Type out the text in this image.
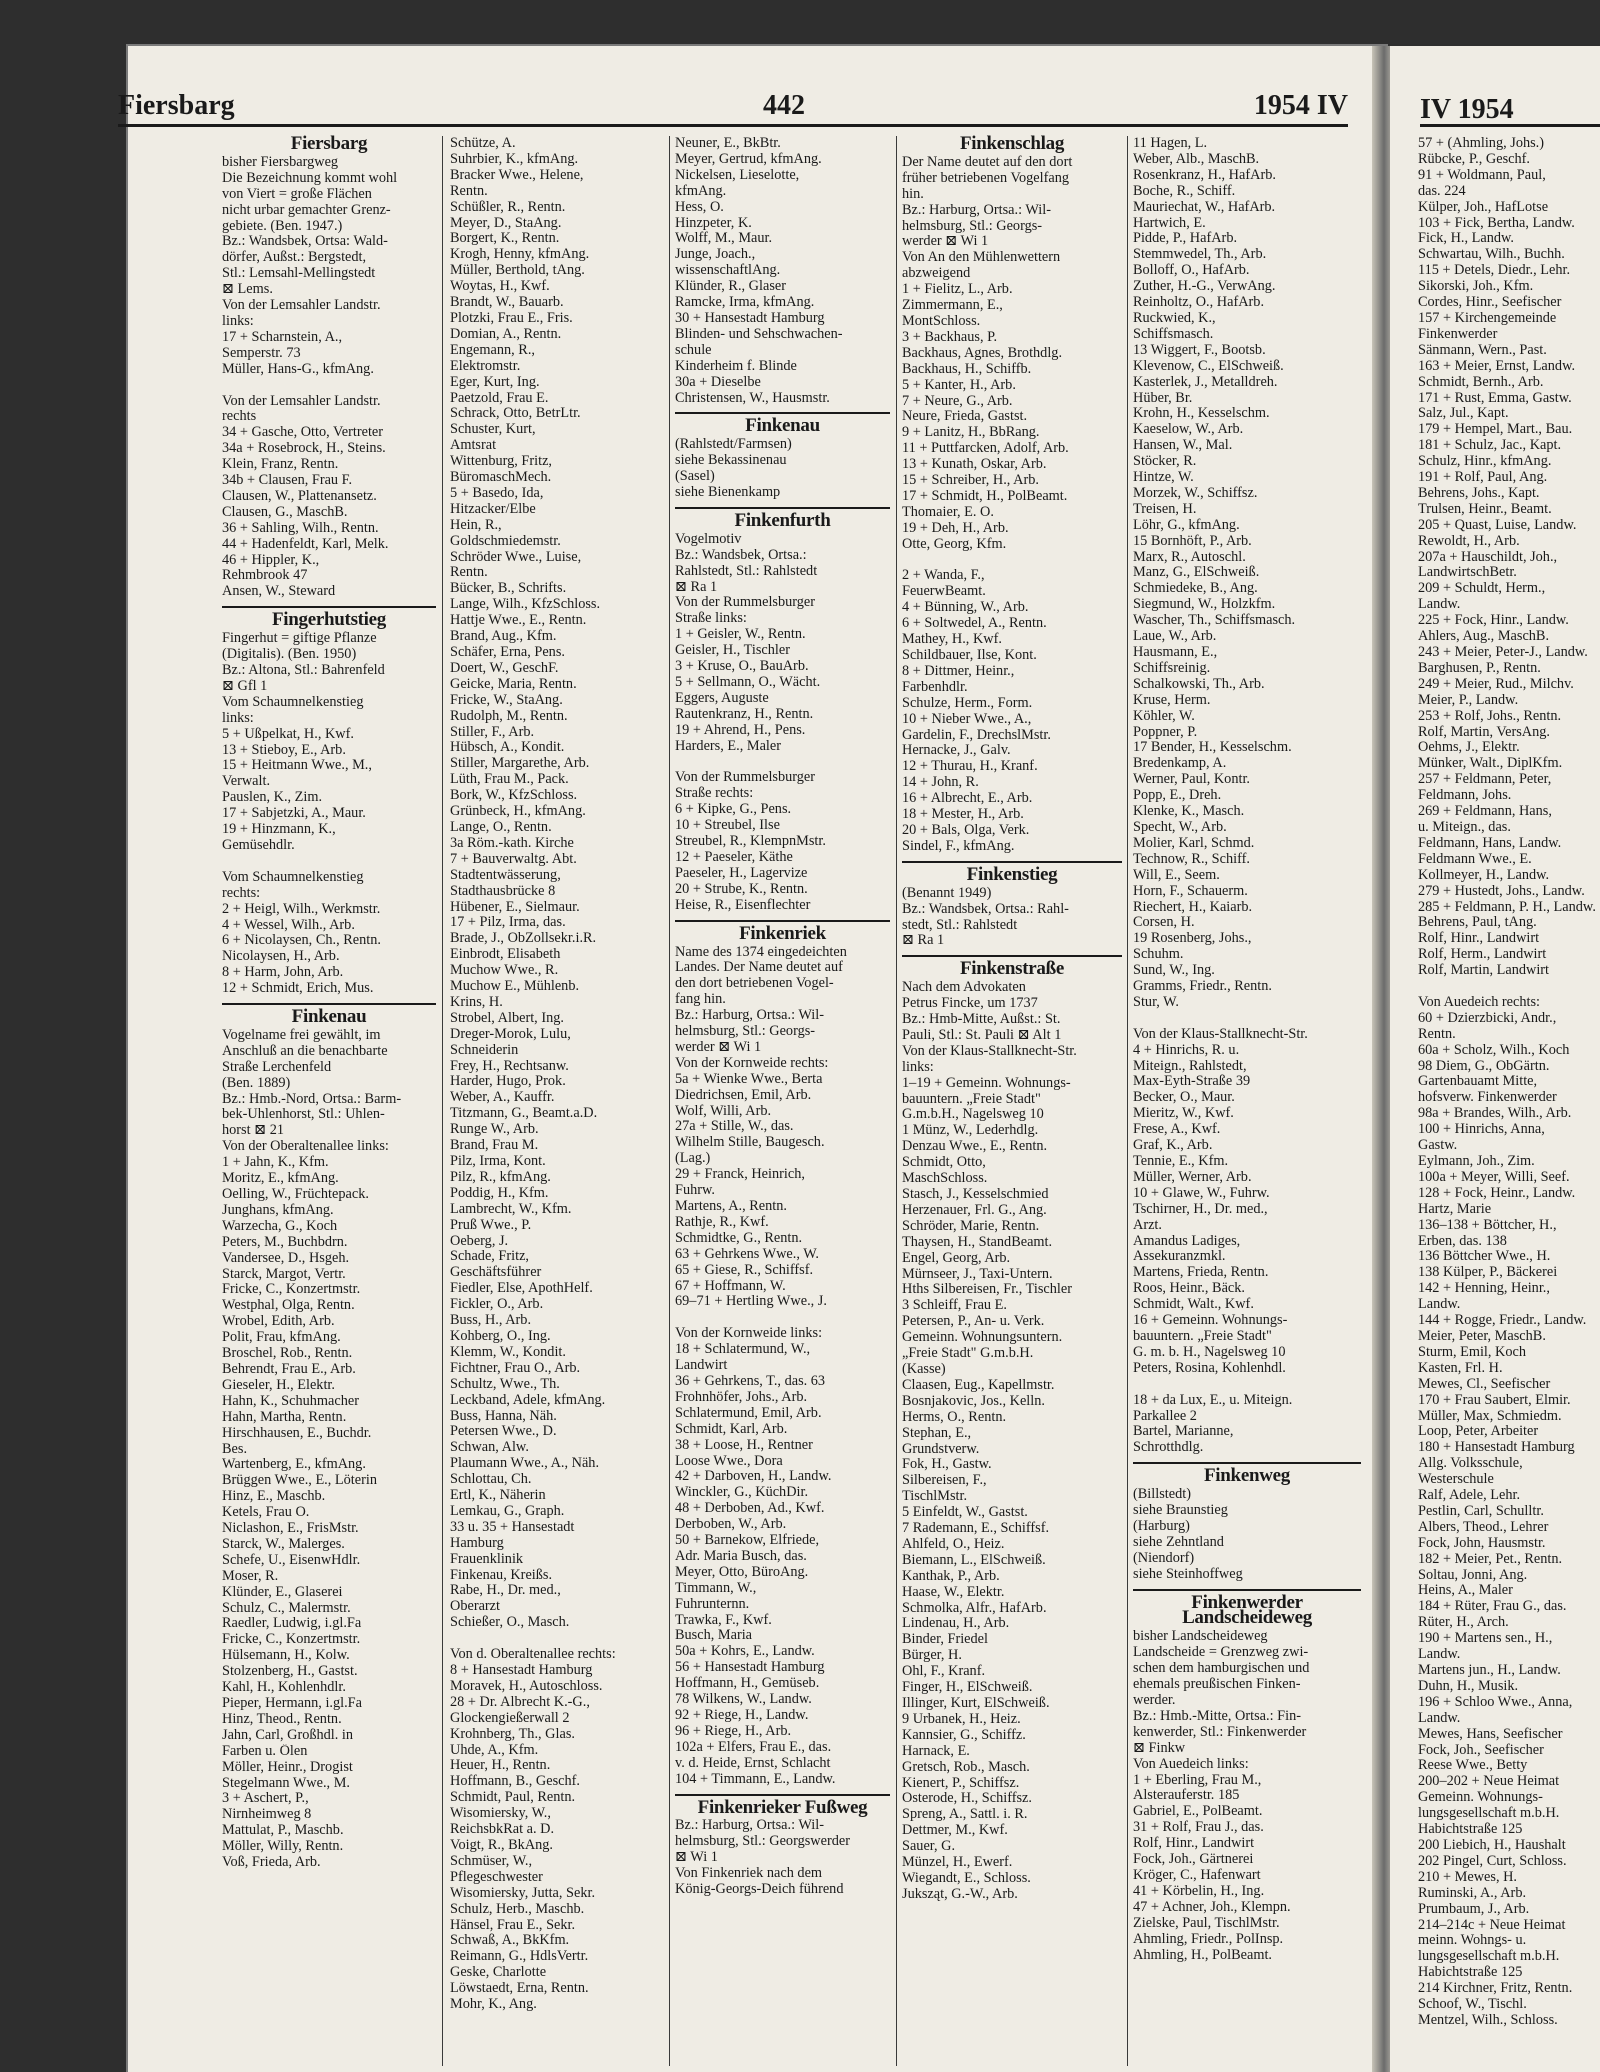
Fiersbarg	442	1954 IV	IV 1954
Fiersbarg
bisher Fiersbargweg
Die Bezeichnung kommt wohl
von Viert = große Flächen
nicht urbar gemachter Grenz-
gebiete. (Ben. 1947.)
Bz.: Wandsbek, Ortsa: Wald-
dörfer, Außst.: Bergstedt,
Stl.: Lemsahl-Mellingstedt
⊠ Lems.
Von der Lemsahler Landstr.
links:
17 + Scharnstein, A.,
Semperstr. 73
Müller, Hans-G., kfmAng.

Von der Lemsahler Landstr.
rechts
34 + Gasche, Otto, Vertreter
34a + Rosebrock, H., Steins.
Klein, Franz, Rentn.
34b + Clausen, Frau F.
Clausen, W., Plattenansetz.
Clausen, G., MaschB.
36 + Sahling, Wilh., Rentn.
44 + Hadenfeldt, Karl, Melk.
46 + Hippler, K.,
Rehmbrook 47
Ansen, W., Steward
Fingerhutstieg
Fingerhut = giftige Pflanze
(Digitalis). (Ben. 1950)
Bz.: Altona, Stl.: Bahrenfeld
⊠ Gfl 1
Vom Schaumnelkenstieg
links:
5 + Ußpelkat, H., Kwf.
13 + Stieboy, E., Arb.
15 + Heitmann Wwe., M.,
Verwalt.
Pauslen, K., Zim.
17 + Sabjetzki, A., Maur.
19 + Hinzmann, K.,
Gemüsehdlr.

Vom Schaumnelkenstieg
rechts:
2 + Heigl, Wilh., Werkmstr.
4 + Wessel, Wilh., Arb.
6 + Nicolaysen, Ch., Rentn.
Nicolaysen, H., Arb.
8 + Harm, John, Arb.
12 + Schmidt, Erich, Mus.
Finkenau
Vogelname frei gewählt, im
Anschluß an die benachbarte
Straße Lerchenfeld
(Ben. 1889)
Bz.: Hmb.-Nord, Ortsa.: Barm-
bek-Uhlenhorst, Stl.: Uhlen-
horst ⊠ 21
Von der Oberaltenallee links:
1 + Jahn, K., Kfm.
Moritz, E., kfmAng.
Oelling, W., Früchtepack.
Junghans, kfmAng.
Warzecha, G., Koch
Peters, M., Buchbdrn.
Vandersee, D., Hsgeh.
Starck, Margot, Vertr.
Fricke, C., Konzertmstr.
Westphal, Olga, Rentn.
Wrobel, Edith, Arb.
Polit, Frau, kfmAng.
Broschel, Rob., Rentn.
Behrendt, Frau E., Arb.
Gieseler, H., Elektr.
Hahn, K., Schuhmacher
Hahn, Martha, Rentn.
Hirschhausen, E., Buchdr.
Bes.
Wartenberg, E., kfmAng.
Brüggen Wwe., E., Löterin
Hinz, E., Maschb.
Ketels, Frau O.
Niclashon, E., FrisMstr.
Starck, W., Malerges.
Schefe, U., EisenwHdlr.
Moser, R.
Klünder, E., Glaserei
Schulz, C., Malermstr.
Raedler, Ludwig, i.gl.Fa
Fricke, C., Konzertmstr.
Hülsemann, H., Kolw.
Stolzenberg, H., Gastst.
Kahl, H., Kohlenhdlr.
Pieper, Hermann, i.gl.Fa
Hinz, Theod., Rentn.
Jahn, Carl, Großhdl. in
Farben u. Ölen
Möller, Heinr., Drogist
Stegelmann Wwe., M.
3 + Aschert, P.,
Nirnheimweg 8
Mattulat, P., Maschb.
Möller, Willy, Rentn.
Voß, Frieda, Arb.
Schütze, A.
Suhrbier, K., kfmAng.
Bracker Wwe., Helene,
Rentn.
Schüßler, R., Rentn.
Meyer, D., StaAng.
Borgert, K., Rentn.
Krogh, Henny, kfmAng.
Müller, Berthold, tAng.
Woytas, H., Kwf.
Brandt, W., Bauarb.
Plotzki, Frau E., Fris.
Domian, A., Rentn.
Engemann, R.,
Elektromstr.
Eger, Kurt, Ing.
Paetzold, Frau E.
Schrack, Otto, BetrLtr.
Schuster, Kurt,
Amtsrat
Wittenburg, Fritz,
BüromaschMech.
5 + Basedo, Ida,
Hitzacker/Elbe
Hein, R.,
Goldschmiedemstr.
Schröder Wwe., Luise,
Rentn.
Bücker, B., Schrifts.
Lange, Wilh., KfzSchloss.
Hattje Wwe., E., Rentn.
Brand, Aug., Kfm.
Schäfer, Erna, Pens.
Doert, W., GeschF.
Geicke, Maria, Rentn.
Fricke, W., StaAng.
Rudolph, M., Rentn.
Stiller, F., Arb.
Hübsch, A., Kondit.
Stiller, Margarethe, Arb.
Lüth, Frau M., Pack.
Bork, W., KfzSchloss.
Grünbeck, H., kfmAng.
Lange, O., Rentn.
3a Röm.-kath. Kirche
7 + Bauverwaltg. Abt.
Stadtentwässerung,
Stadthausbrücke 8
Hübener, E., Sielmaur.
17 + Pilz, Irma, das.
Brade, J., ObZollsekr.i.R.
Einbrodt, Elisabeth
Muchow Wwe., R.
Muchow E., Mühlenb.
Krins, H.
Strobel, Albert, Ing.
Dreger-Morok, Lulu,
Schneiderin
Frey, H., Rechtsanw.
Harder, Hugo, Prok.
Weber, A., Kauffr.
Titzmann, G., Beamt.a.D.
Runge W., Arb.
Brand, Frau M.
Pilz, Irma, Kont.
Pilz, R., kfmAng.
Poddig, H., Kfm.
Lambrecht, W., Kfm.
Pruß Wwe., P.
Oeberg, J.
Schade, Fritz,
Geschäftsführer
Fiedler, Else, ApothHelf.
Fickler, O., Arb.
Buss, H., Arb.
Kohberg, O., Ing.
Klemm, W., Kondit.
Fichtner, Frau O., Arb.
Schultz, Wwe., Th.
Leckband, Adele, kfmAng.
Buss, Hanna, Näh.
Petersen Wwe., D.
Schwan, Alw.
Plaumann Wwe., A., Näh.
Schlottau, Ch.
Ertl, K., Näherin
Lemkau, G., Graph.
33 u. 35 + Hansestadt
Hamburg
Frauenklinik
Finkenau, Kreißs.
Rabe, H., Dr. med.,
Oberarzt
Schießer, O., Masch.

Von d. Oberaltenallee rechts:
8 + Hansestadt Hamburg
Moravek, H., Autoschloss.
28 + Dr. Albrecht K.-G.,
Glockengießerwall 2
Krohnberg, Th., Glas.
Uhde, A., Kfm.
Heuer, H., Rentn.
Hoffmann, B., Geschf.
Schmidt, Paul, Rentn.
Wisomiersky, W.,
ReichsbkRat a. D.
Voigt, R., BkAng.
Schmüser, W.,
Pflegeschwester
Wisomiersky, Jutta, Sekr.
Schulz, Herb., Maschb.
Hänsel, Frau E., Sekr.
Schwaß, A., BkKfm.
Reimann, G., HdlsVertr.
Geske, Charlotte
Löwstaedt, Erna, Rentn.
Mohr, K., Ang.
Neuner, E., BkBtr.
Meyer, Gertrud, kfmAng.
Nickelsen, Lieselotte,
kfmAng.
Hess, O.
Hinzpeter, K.
Wolff, M., Maur.
Junge, Joach.,
wissenschaftlAng.
Klünder, R., Glaser
Ramcke, Irma, kfmAng.
30 + Hansestadt Hamburg
Blinden- und Sehschwachen-
schule
Kinderheim f. Blinde
30a + Dieselbe
Christensen, W., Hausmstr.
Finkenau
(Rahlstedt/Farmsen)
siehe Bekassinenau
(Sasel)
siehe Bienenkamp
Finkenfurth
Vogelmotiv
Bz.: Wandsbek, Ortsa.:
Rahlstedt, Stl.: Rahlstedt
⊠ Ra 1
Von der Rummelsburger
Straße links:
1 + Geisler, W., Rentn.
Geisler, H., Tischler
3 + Kruse, O., BauArb.
5 + Sellmann, O., Wächt.
Eggers, Auguste
Rautenkranz, H., Rentn.
19 + Ahrend, H., Pens.
Harders, E., Maler

Von der Rummelsburger
Straße rechts:
6 + Kipke, G., Pens.
10 + Streubel, Ilse
Streubel, R., KlempnMstr.
12 + Paeseler, Käthe
Paeseler, H., Lagervize
20 + Strube, K., Rentn.
Heise, R., Eisenflechter
Finkenriek
Name des 1374 eingedeichten
Landes. Der Name deutet auf
den dort betriebenen Vogel-
fang hin.
Bz.: Harburg, Ortsa.: Wil-
helmsburg, Stl.: Georgs-
werder ⊠ Wi 1
Von der Kornweide rechts:
5a + Wienke Wwe., Berta
Diedrichsen, Emil, Arb.
Wolf, Willi, Arb.
27a + Stille, W., das.
Wilhelm Stille, Baugesch.
(Lag.)
29 + Franck, Heinrich,
Fuhrw.
Martens, A., Rentn.
Rathje, R., Kwf.
Schmidtke, G., Rentn.
63 + Gehrkens Wwe., W.
65 + Giese, R., Schiffsf.
67 + Hoffmann, W.
69–71 + Hertling Wwe., J.

Von der Kornweide links:
18 + Schlatermund, W.,
Landwirt
36 + Gehrkens, T., das. 63
Frohnhöfer, Johs., Arb.
Schlatermund, Emil, Arb.
Schmidt, Karl, Arb.
38 + Loose, H., Rentner
Loose Wwe., Dora
42 + Darboven, H., Landw.
Winckler, G., KüchDir.
48 + Derboben, Ad., Kwf.
Derboben, W., Arb.
50 + Barnekow, Elfriede,
Adr. Maria Busch, das.
Meyer, Otto, BüroAng.
Timmann, W.,
Fuhrunternn.
Trawka, F., Kwf.
Busch, Maria
50a + Kohrs, E., Landw.
56 + Hansestadt Hamburg
Hoffmann, H., Gemüseb.
78 Wilkens, W., Landw.
92 + Riege, H., Landw.
96 + Riege, H., Arb.
102a + Elfers, Frau E., das.
v. d. Heide, Ernst, Schlacht
104 + Timmann, E., Landw.
Finkenrieker Fußweg
Bz.: Harburg, Ortsa.: Wil-
helmsburg, Stl.: Georgswerder
⊠ Wi 1
Von Finkenriek nach dem
König-Georgs-Deich führend
Finkenschlag
Der Name deutet auf den dort
früher betriebenen Vogelfang
hin.
Bz.: Harburg, Ortsa.: Wil-
helmsburg, Stl.: Georgs-
werder ⊠ Wi 1
Von An den Mühlenwettern
abzweigend
1 + Fielitz, L., Arb.
Zimmermann, E.,
MontSchloss.
3 + Backhaus, P.
Backhaus, Agnes, Brothdlg.
Backhaus, H., Schiffb.
5 + Kanter, H., Arb.
7 + Neure, G., Arb.
Neure, Frieda, Gastst.
9 + Lanitz, H., BbRang.
11 + Puttfarcken, Adolf, Arb.
13 + Kunath, Oskar, Arb.
15 + Schreiber, H., Arb.
17 + Schmidt, H., PolBeamt.
Thomaier, E. O.
19 + Deh, H., Arb.
Otte, Georg, Kfm.

2 + Wanda, F.,
FeuerwBeamt.
4 + Bünning, W., Arb.
6 + Soltwedel, A., Rentn.
Mathey, H., Kwf.
Schildbauer, Ilse, Kont.
8 + Dittmer, Heinr.,
Farbenhdlr.
Schulze, Herm., Form.
10 + Nieber Wwe., A.,
Gardelin, F., DrechslMstr.
Hernacke, J., Galv.
12 + Thurau, H., Kranf.
14 + John, R.
16 + Albrecht, E., Arb.
18 + Mester, H., Arb.
20 + Bals, Olga, Verk.
Sindel, F., kfmAng.
Finkenstieg
(Benannt 1949)
Bz.: Wandsbek, Ortsa.: Rahl-
stedt, Stl.: Rahlstedt
⊠ Ra 1
Finkenstraße
Nach dem Advokaten
Petrus Fincke, um 1737
Bz.: Hmb-Mitte, Außst.: St.
Pauli, Stl.: St. Pauli ⊠ Alt 1
Von der Klaus-Stallknecht-Str.
links:
1–19 + Gemeinn. Wohnungs-
bauuntern. „Freie Stadt"
G.m.b.H., Nagelsweg 10
1 Münz, W., Lederhdlg.
Denzau Wwe., E., Rentn.
Schmidt, Otto,
MaschSchloss.
Stasch, J., Kesselschmied
Herzenauer, Frl. G., Ang.
Schröder, Marie, Rentn.
Thaysen, H., StandBeamt.
Engel, Georg, Arb.
Mürnseer, J., Taxi-Untern.
Hths Silbereisen, Fr., Tischler
3 Schleiff, Frau E.
Petersen, P., An- u. Verk.
Gemeinn. Wohnungsuntern.
„Freie Stadt" G.m.b.H.
(Kasse)
Claasen, Eug., Kapellmstr.
Bosnjakovic, Jos., Kelln.
Herms, O., Rentn.
Stephan, E.,
Grundstverw.
Fok, H., Gastw.
Silbereisen, F.,
TischlMstr.
5 Einfeldt, W., Gastst.
7 Rademann, E., Schiffsf.
Ahlfeld, O., Heiz.
Biemann, L., ElSchweiß.
Kanthak, P., Arb.
Haase, W., Elektr.
Schmolka, Alfr., HafArb.
Lindenau, H., Arb.
Binder, Friedel
Bürger, H.
Ohl, F., Kranf.
Finger, H., ElSchweiß.
Illinger, Kurt, ElSchweiß.
9 Urbanek, H., Heiz.
Kannsier, G., Schiffz.
Harnack, E.
Gretsch, Rob., Masch.
Kienert, P., Schiffsz.
Osterode, H., Schiffsz.
Spreng, A., Sattl. i. R.
Dettmer, M., Kwf.
Sauer, G.
Münzel, H., Ewerf.
Wiegandt, E., Schloss.
Juksząt, G.-W., Arb.
11 Hagen, L.
Weber, Alb., MaschB.
Rosenkranz, H., HafArb.
Boche, R., Schiff.
Mauriechat, W., HafArb.
Hartwich, E.
Pidde, P., HafArb.
Stemmwedel, Th., Arb.
Bolloff, O., HafArb.
Zuther, H.-G., VerwAng.
Reinholtz, O., HafArb.
Ruckwied, K.,
Schiffsmasch.
13 Wiggert, F., Bootsb.
Klevenow, C., ElSchweiß.
Kasterlek, J., Metalldreh.
Hüber, Br.
Krohn, H., Kesselschm.
Kaeselow, W., Arb.
Hansen, W., Mal.
Stöcker, R.
Hintze, W.
Morzek, W., Schiffsz.
Treisen, H.
Löhr, G., kfmAng.
15 Bornhöft, P., Arb.
Marx, R., Autoschl.
Manz, G., ElSchweiß.
Schmiedeke, B., Ang.
Siegmund, W., Holzkfm.
Wascher, Th., Schiffsmasch.
Laue, W., Arb.
Hausmann, E.,
Schiffsreinig.
Schalkowski, Th., Arb.
Kruse, Herm.
Köhler, W.
Poppner, P.
17 Bender, H., Kesselschm.
Bredenkamp, A.
Werner, Paul, Kontr.
Popp, E., Dreh.
Klenke, K., Masch.
Specht, W., Arb.
Molier, Karl, Schmd.
Technow, R., Schiff.
Will, E., Seem.
Horn, F., Schauerm.
Riechert, H., Kaiarb.
Corsen, H.
19 Rosenberg, Johs.,
Schuhm.
Sund, W., Ing.
Gramms, Friedr., Rentn.
Stur, W.

Von der Klaus-Stallknecht-Str.
4 + Hinrichs, R. u.
Miteign., Rahlstedt,
Max-Eyth-Straße 39
Becker, O., Maur.
Mieritz, W., Kwf.
Frese, A., Kwf.
Graf, K., Arb.
Tennie, E., Kfm.
Müller, Werner, Arb.
10 + Glawe, W., Fuhrw.
Tschirner, H., Dr. med.,
Arzt.
Amandus Ladiges,
Assekuranzmkl.
Martens, Frieda, Rentn.
Roos, Heinr., Bäck.
Schmidt, Walt., Kwf.
16 + Gemeinn. Wohnungs-
bauuntern. „Freie Stadt"
G. m. b. H., Nagelsweg 10
Peters, Rosina, Kohlenhdl.

18 + da Lux, E., u. Miteign.
Parkallee 2
Bartel, Marianne,
Schrotthdlg.
Finkenweg
(Billstedt)
siehe Braunstieg
(Harburg)
siehe Zehntland
(Niendorf)
siehe Steinhoffweg
Finkenwerder Landscheideweg
bisher Landscheideweg
Landscheide = Grenzweg zwi-
schen dem hamburgischen und
ehemals preußischen Finken-
werder.
Bz.: Hmb.-Mitte, Ortsa.: Fin-
kenwerder, Stl.: Finkenwerder
⊠ Finkw
Von Auedeich links:
1 + Eberling, Frau M.,
Alsterauferstr. 185
Gabriel, E., PolBeamt.
31 + Rolf, Frau J., das.
Rolf, Hinr., Landwirt
Fock, Joh., Gärtnerei
Kröger, C., Hafenwart
41 + Körbelin, H., Ing.
47 + Achner, Joh., Klempn.
Zielske, Paul, TischlMstr.
Ahmling, Friedr., PolInsp.
Ahmling, H., PolBeamt.
57 + (Ahmling, Johs.)
Rübcke, P., Geschf.
91 + Woldmann, Paul,
das. 224
Külper, Joh., HafLotse
103 + Fick, Bertha, Landw.
Fick, H., Landw.
Schwartau, Wilh., Buchh.
115 + Detels, Diedr., Lehr.
Sikorski, Joh., Kfm.
Cordes, Hinr., Seefischer
157 + Kirchengemeinde
Finkenwerder
Sänmann, Wern., Past.
163 + Meier, Ernst, Landw.
Schmidt, Bernh., Arb.
171 + Rust, Emma, Gastw.
Salz, Jul., Kapt.
179 + Hempel, Mart., Bau.
181 + Schulz, Jac., Kapt.
Schulz, Hinr., kfmAng.
191 + Rolf, Paul, Ang.
Behrens, Johs., Kapt.
Trulsen, Heinr., Beamt.
205 + Quast, Luise, Landw.
Rewoldt, H., Arb.
207a + Hauschildt, Joh.,
LandwirtschBetr.
209 + Schuldt, Herm.,
Landw.
225 + Fock, Hinr., Landw.
Ahlers, Aug., MaschB.
243 + Meier, Peter-J., Landw.
Barghusen, P., Rentn.
249 + Meier, Rud., Milchv.
Meier, P., Landw.
253 + Rolf, Johs., Rentn.
Rolf, Martin, VersAng.
Oehms, J., Elektr.
Münker, Walt., DiplKfm.
257 + Feldmann, Peter,
Feldmann, Johs.
269 + Feldmann, Hans,
u. Miteign., das.
Feldmann, Hans, Landw.
Feldmann Wwe., E.
Kollmeyer, H., Landw.
279 + Hustedt, Johs., Landw.
285 + Feldmann, P. H., Landw.
Behrens, Paul, tAng.
Rolf, Hinr., Landwirt
Rolf, Herm., Landwirt
Rolf, Martin, Landwirt

Von Auedeich rechts:
60 + Dzierzbicki, Andr.,
Rentn.
60a + Scholz, Wilh., Koch
98 Diem, G., ObGärtn.
Gartenbauamt Mitte,
hofsverw. Finkenwerder
98a + Brandes, Wilh., Arb.
100 + Hinrichs, Anna,
Gastw.
Eylmann, Joh., Zim.
100a + Meyer, Willi, Seef.
128 + Fock, Heinr., Landw.
Hartz, Marie
136–138 + Böttcher, H.,
Erben, das. 138
136 Böttcher Wwe., H.
138 Külper, P., Bäckerei
142 + Henning, Heinr.,
Landw.
144 + Rogge, Friedr., Landw.
Meier, Peter, MaschB.
Sturm, Emil, Koch
Kasten, Frl. H.
Mewes, Cl., Seefischer
170 + Frau Saubert, Elmir.
Müller, Max, Schmiedm.
Loop, Peter, Arbeiter
180 + Hansestadt Hamburg
Allg. Volksschule,
Westerschule
Ralf, Adele, Lehr.
Pestlin, Carl, Schulltr.
Albers, Theod., Lehrer
Fock, John, Hausmstr.
182 + Meier, Pet., Rentn.
Soltau, Jonni, Ang.
Heins, A., Maler
184 + Rüter, Frau G., das.
Rüter, H., Arch.
190 + Martens sen., H.,
Landw.
Martens jun., H., Landw.
Duhn, H., Musik.
196 + Schloo Wwe., Anna,
Landw.
Mewes, Hans, Seefischer
Fock, Joh., Seefischer
Reese Wwe., Betty
200–202 + Neue Heimat
Gemeinn. Wohnungs-
lungsgesellschaft m.b.H.
Habichtstraße 125
200 Liebich, H., Haushalt
202 Pingel, Curt, Schloss.
210 + Mewes, H.
Ruminski, A., Arb.
Prumbaum, J., Arb.
214–214c + Neue Heimat
meinn. Wohngs- u.
lungsgesellschaft m.b.H.
Habichtstraße 125
214 Kirchner, Fritz, Rentn.
Schoof, W., Tischl.
Mentzel, Wilh., Schloss.
